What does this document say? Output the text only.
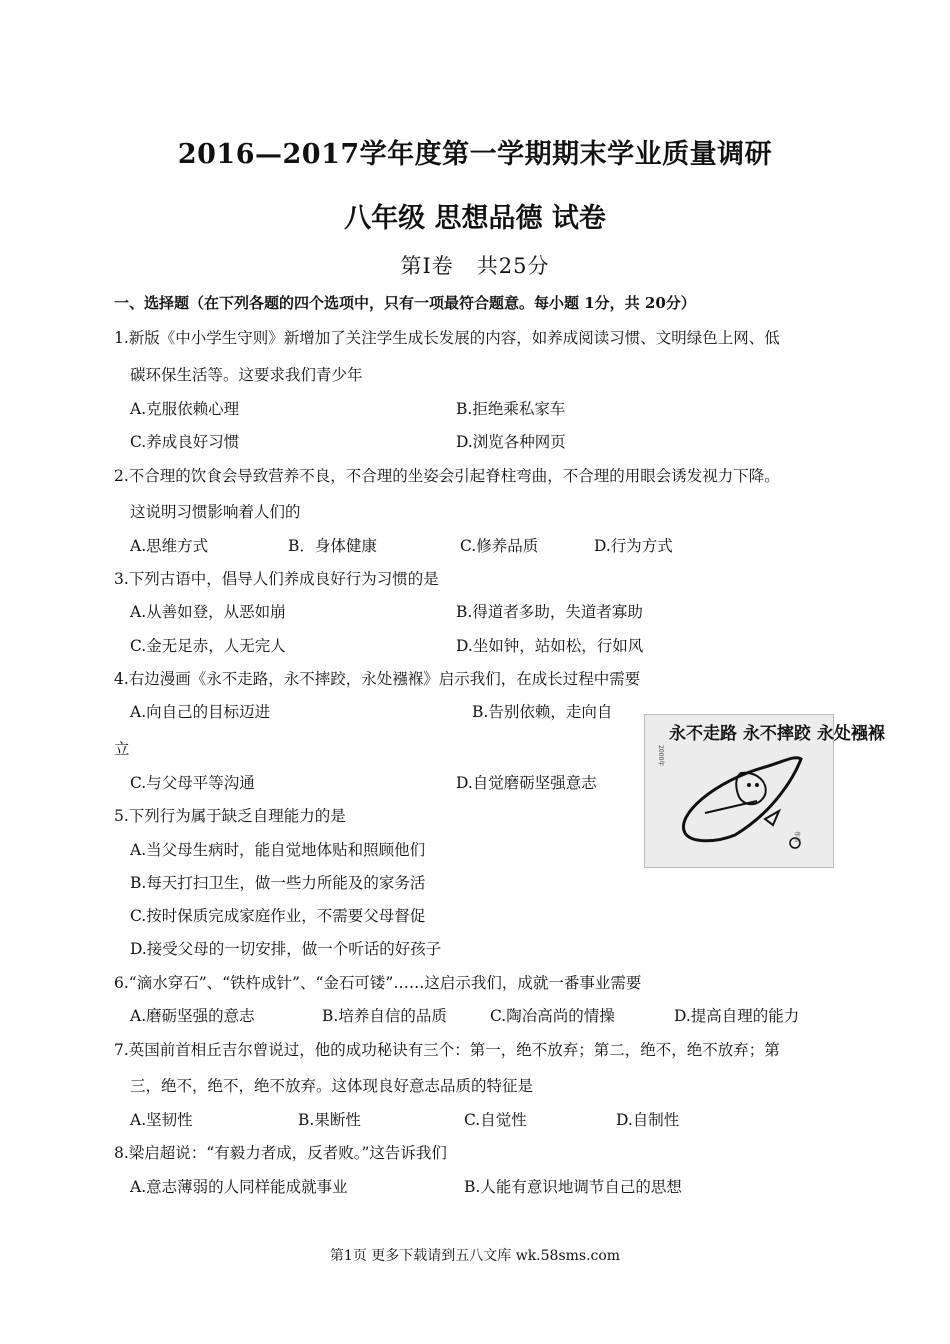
2016—2017学年度第一学期期末学业质量调研
八年级 思想品德 试卷
第Ⅰ卷   共25分
一、选择题（在下列各题的四个选项中，只有一项最符合题意。每小题 1分，共 20分）
1.新版《中小学生守则》新增加了关注学生成长发展的内容，如养成阅读习惯、文明绿色上网、低
碳环保生活等。这要求我们青少年
A.克服依赖心理	B.拒绝乘私家车
C.养成良好习惯	D.浏览各种网页
2.不合理的饮食会导致营养不良，不合理的坐姿会引起脊柱弯曲，不合理的用眼会诱发视力下降。
这说明习惯影响着人们的
A.思维方式	B．身体健康	C.修养品质	D.行为方式
3.下列古语中，倡导人们养成良好行为习惯的是
A.从善如登，从恶如崩	B.得道者多助，失道者寡助
C.金无足赤，人无完人	D.坐如钟，站如松，行如风
4.右边漫画《永不走路，永不摔跤，永处襁褓》启示我们，在成长过程中需要
A.向自己的目标迈进	B.告别依赖，走向自
立
C.与父母平等沟通	D.自觉磨砺坚强意志
永不走路 永不摔跤 永处襁褓
2000年
作者
5.下列行为属于缺乏自理能力的是
A.当父母生病时，能自觉地体贴和照顾他们
B.每天打扫卫生，做一些力所能及的家务活
C.按时保质完成家庭作业，不需要父母督促
D.接受父母的一切安排，做一个听话的好孩子
6.“滴水穿石”、“铁杵成针”、“金石可镂”……这启示我们，成就一番事业需要
A.磨砺坚强的意志	B.培养自信的品质	C.陶冶高尚的情操	D.提高自理的能力
7.英国前首相丘吉尔曾说过，他的成功秘诀有三个：第一，绝不放弃；第二，绝不，绝不放弃；第
三，绝不，绝不，绝不放弃。这体现良好意志品质的特征是
A.坚韧性	B.果断性	C.自觉性	D.自制性
8.梁启超说：“有毅力者成，反者败。”这告诉我们
A.意志薄弱的人同样能成就事业	B.人能有意识地调节自己的思想
第1页 更多下载请到五八文库 wk.58sms.com
